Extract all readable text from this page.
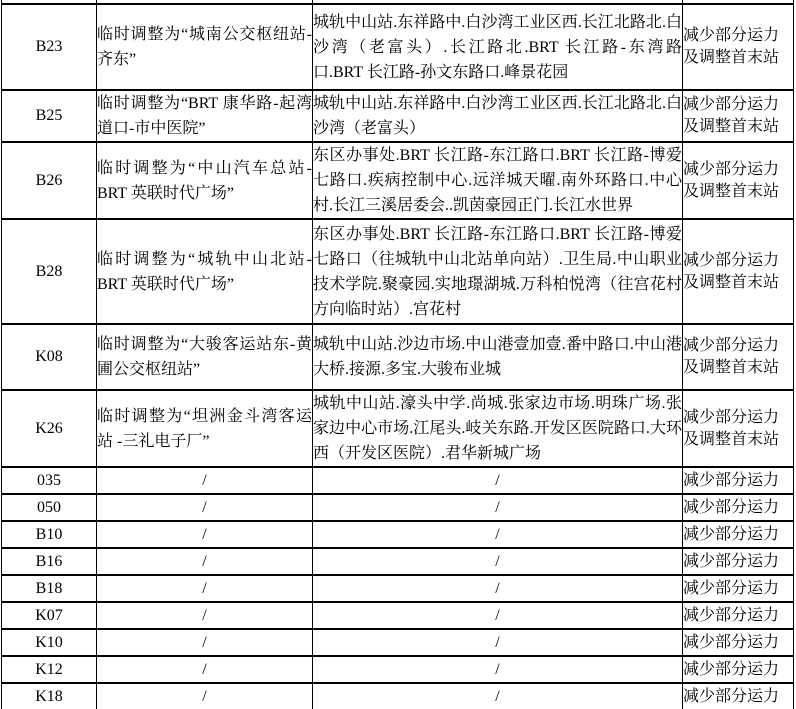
B23	临时调整为“城南公交枢纽站-齐东”	城轨中山站.东祥路中.白沙湾工业区西.长江北路北.白沙湾（老富头）.长江路北.BRT 长江路-东湾路口.BRT 长江路-孙文东路口.峰景花园	减少部分运力及调整首末站
B25	临时调整为“BRT 康华路-起湾道口-市中医院”	城轨中山站.东祥路中.白沙湾工业区西.长江北路北.白沙湾（老富头）	减少部分运力及调整首末站
B26	临时调整为“中山汽车总站-BRT 英联时代广场”	东区办事处.BRT 长江路-东江路口.BRT 长江路-博爱七路口.疾病控制中心.远洋城天曜.南外环路口.中心村.长江三溪居委会..凯茵豪园正门.长江水世界	减少部分运力及调整首末站
B28	临时调整为“城轨中山北站-BRT 英联时代广场”	东区办事处.BRT 长江路-东江路口.BRT 长江路-博爱七路口（往城轨中山北站单向站）.卫生局.中山职业技术学院.聚豪园.实地璟湖城.万科柏悦湾（往宫花村方向临时站）.宫花村	减少部分运力及调整首末站
K08	临时调整为“大骏客运站东-黄圃公交枢纽站”	城轨中山站.沙边市场.中山港壹加壹.番中路口.中山港大桥.接源.多宝.大骏布业城	减少部分运力及调整首末站
K26	临时调整为“坦洲金斗湾客运站 -三礼电子厂”	城轨中山站.濠头中学.尚城.张家边市场.明珠广场.张家边中心市场.江尾头.岐关东路.开发区医院路口.大环西（开发区医院）.君华新城广场	减少部分运力及调整首末站
035	/	/	减少部分运力
050	/	/	减少部分运力
B10	/	/	减少部分运力
B16	/	/	减少部分运力
B18	/	/	减少部分运力
K07	/	/	减少部分运力
K10	/	/	减少部分运力
K12	/	/	减少部分运力
K18	/	/	减少部分运力
